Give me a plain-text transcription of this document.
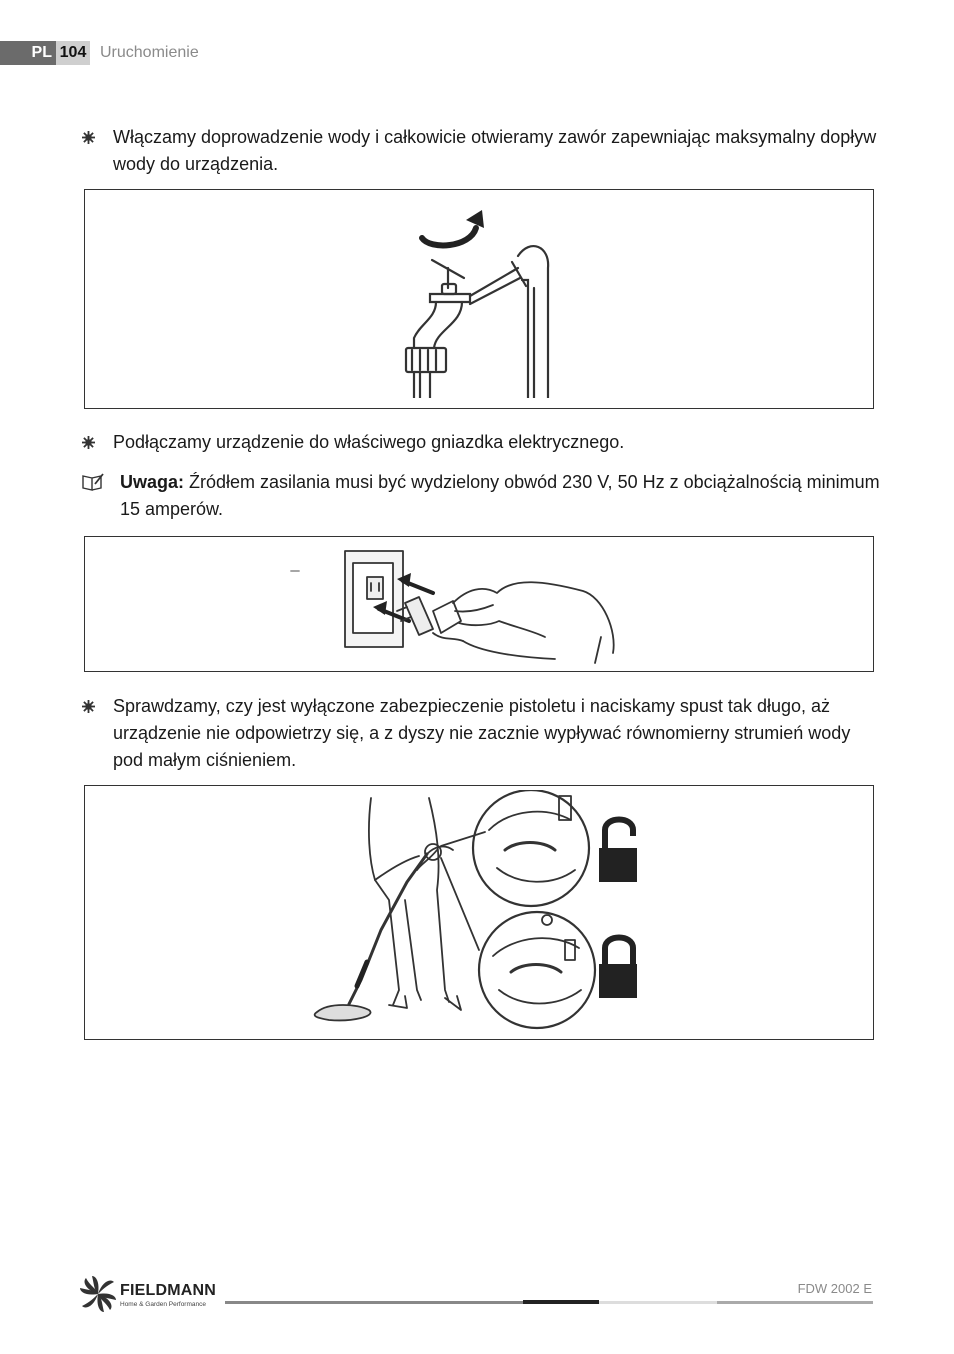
PL 104 Uruchomienie

Włączamy doprowadzenie wody i całkowicie otwieramy zawór zapewniając maksymalny dopływ wody do urządzenia.

Podłączamy urządzenie do właściwego gniazdka elektrycznego.

Uwaga: Źródłem zasilania musi być wydzielony obwód 230 V, 50 Hz z obciążalnością minimum 15 amperów.

Sprawdzamy, czy jest wyłączone zabezpieczenie pistoletu i naciskamy spust tak długo, aż urządzenie nie odpowietrzy się, a z dyszy nie zacznie wypływać równomierny strumień wody pod małym ciśnieniem.

FIELDMANN
Home & Garden Performance
FDW 2002 E
